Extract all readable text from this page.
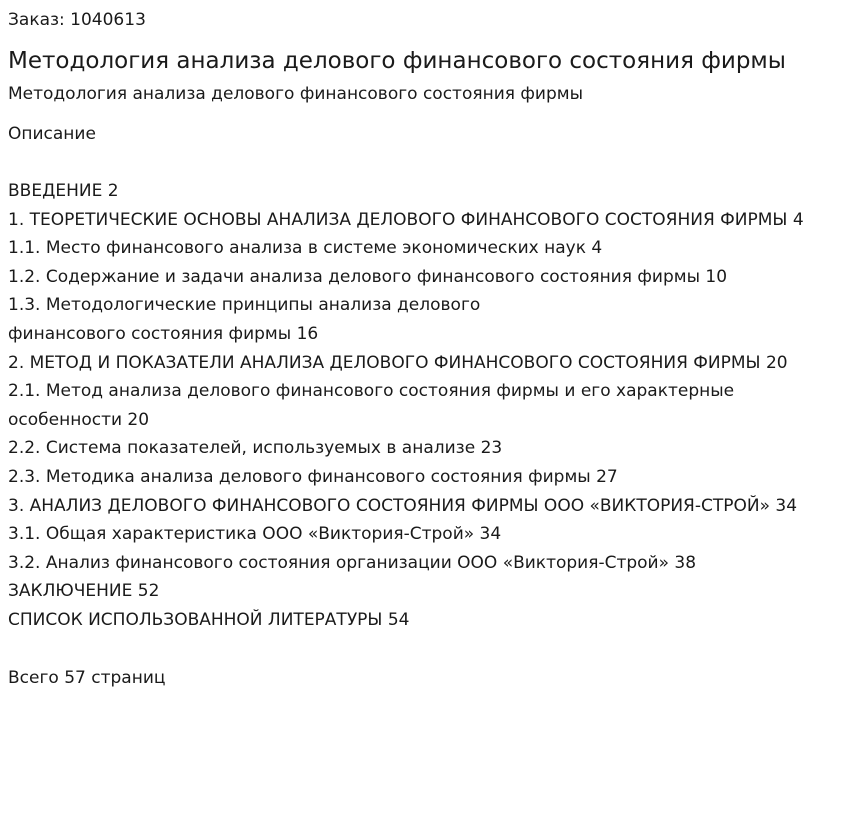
Заказ: 1040613
Методология анализа делового финансового состояния фирмы
Методология анализа делового финансового состояния фирмы
Описание
ВВЕДЕНИЕ 2
1. ТЕОРЕТИЧЕСКИЕ ОСНОВЫ АНАЛИЗА ДЕЛОВОГО ФИНАНСОВОГО СОСТОЯНИЯ ФИРМЫ 4
1.1. Место финансового анализа в системе экономических наук 4
1.2. Содержание и задачи анализа делового финансового состояния фирмы 10
1.3. Методологические принципы анализа делового
финансового состояния фирмы 16
2. МЕТОД И ПОКАЗАТЕЛИ АНАЛИЗА ДЕЛОВОГО ФИНАНСОВОГО СОСТОЯНИЯ ФИРМЫ 20
2.1. Метод анализа делового финансового состояния фирмы и его характерные особенности 20
2.2. Система показателей, используемых в анализе 23
2.3. Методика анализа делового финансового состояния фирмы 27
3. АНАЛИЗ ДЕЛОВОГО ФИНАНСОВОГО СОСТОЯНИЯ ФИРМЫ ООО «ВИКТОРИЯ-СТРОЙ» 34
3.1. Общая характеристика ООО «Виктория-Строй» 34
3.2. Анализ финансового состояния организации ООО «Виктория-Строй» 38
ЗАКЛЮЧЕНИЕ 52
СПИСОК ИСПОЛЬЗОВАННОЙ ЛИТЕРАТУРЫ 54
Всего 57 страниц
